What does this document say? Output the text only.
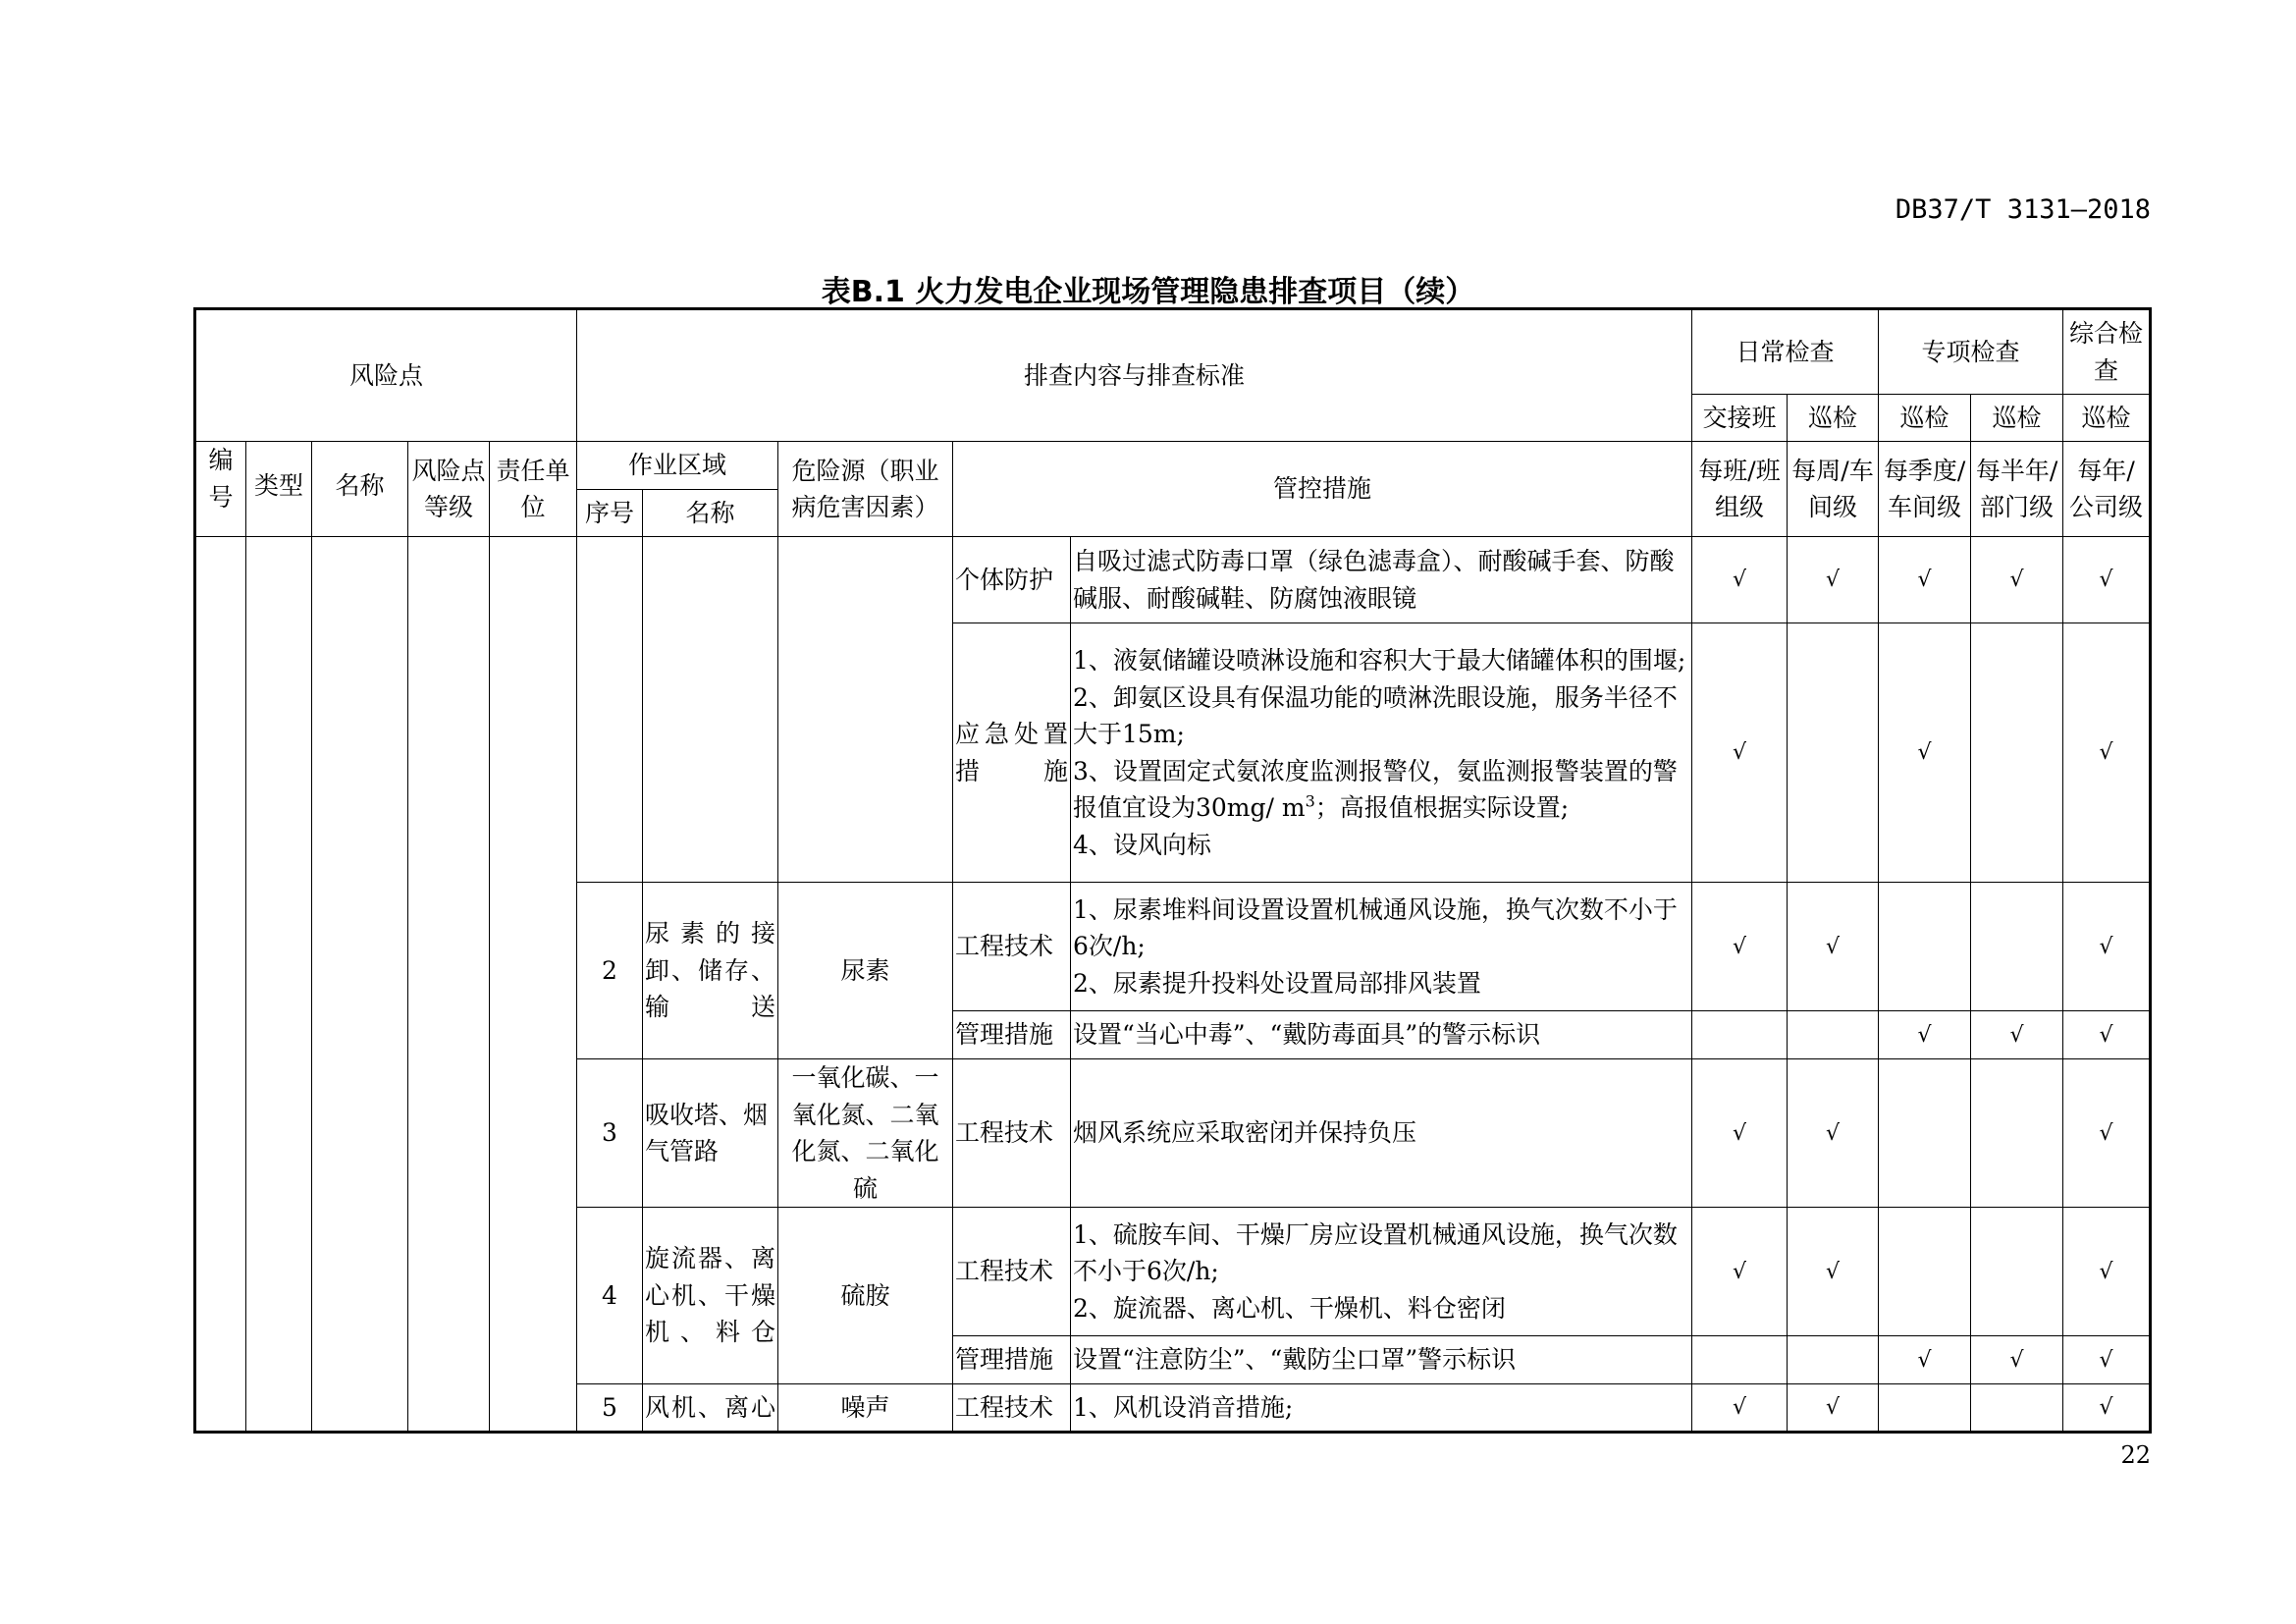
DB37/T 3131—2018
表B.1 火力发电企业现场管理隐患排查项目（续）
风险点					排查内容与排查标准					日常检查		专项检查		综合检查
										交接班	巡检	巡检	巡检	巡检
编号	类型	名称	风险点等级	责任单位	作业区域		危险源（职业病危害因素）	管控措施		每班/班组级	每周/车间级	每季度/车间级	每半年/部门级	每年/公司级
					序号	名称								
								个体防护	自吸过滤式防毒口罩（绿色滤毒盒）、耐酸碱手套、防酸碱服、耐酸碱鞋、防腐蚀液眼镜	√	√	√	√	√
								应急处置措施	1、液氨储罐设喷淋设施和容积大于最大储罐体积的围堰;
2、卸氨区设具有保温功能的喷淋洗眼设施，服务半径不大于15m;
3、设置固定式氨浓度监测报警仪，氨监测报警装置的警报值宜设为30mg/ $m^3$；高报值根据实际设置;
4、设风向标	√		√		√
					2	尿素的接卸、储存、输送	尿素	工程技术	1、尿素堆料间设置设置机械通风设施，换气次数不小于6次/h;
2、尿素提升投料处设置局部排风装置	√	√			√
								管理措施	设置“当心中毒”、“戴防毒面具”的警示标识			√	√	√
					3	吸收塔、烟气管路	一氧化碳、一氧化氮、二氧化氮、二氧化硫	工程技术	烟风系统应采取密闭并保持负压	√	√			√
					4	旋流器、离心机、干燥机、料仓	硫胺	工程技术	1、硫胺车间、干燥厂房应设置机械通风设施，换气次数不小于6次/h;
2、旋流器、离心机、干燥机、料仓密闭	√	√			√
								管理措施	设置“注意防尘”、“戴防尘口罩”警示标识			√	√	√
					5	风机、离心	噪声	工程技术	1、风机设消音措施;	√	√			√
22
